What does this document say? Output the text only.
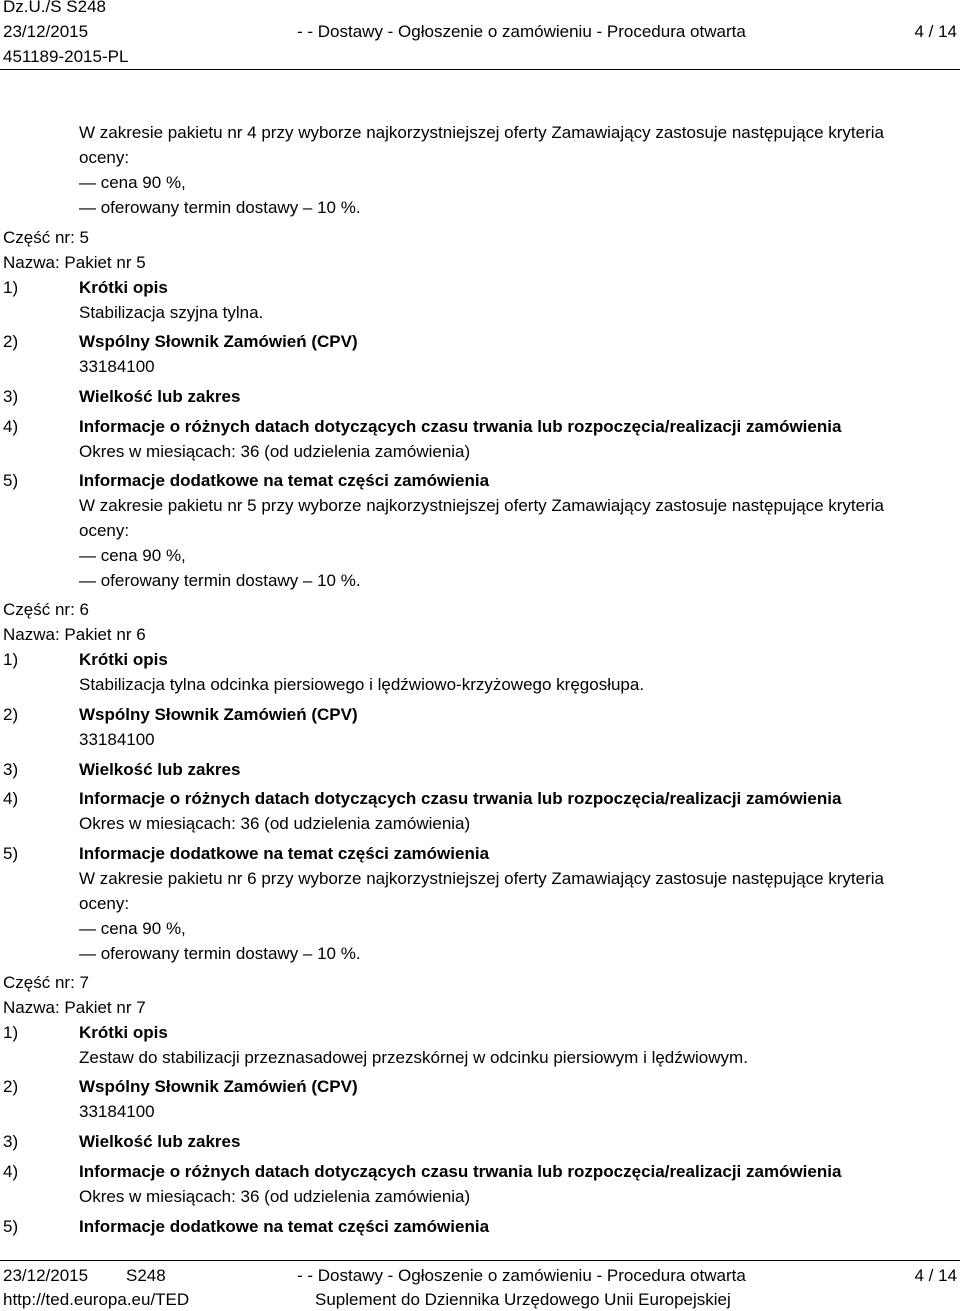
Dz.U./S S248
23/12/2015	- - Dostawy - Ogłoszenie o zamówieniu - Procedura otwarta	4 / 14
451189-2015-PL
W zakresie pakietu nr 4 przy wyborze najkorzystniejszej oferty Zamawiający zastosuje następujące kryteria
oceny:
— cena 90 %,
— oferowany termin dostawy – 10 %.
Część nr: 5
Nazwa: Pakiet nr 5
1)	Krótki opis
Stabilizacja szyjna tylna.
2)	Wspólny Słownik Zamówień (CPV)
33184100
3)	Wielkość lub zakres
4)	Informacje o różnych datach dotyczących czasu trwania lub rozpoczęcia/realizacji zamówienia
Okres w miesiącach: 36 (od udzielenia zamówienia)
5)	Informacje dodatkowe na temat części zamówienia
W zakresie pakietu nr 5 przy wyborze najkorzystniejszej oferty Zamawiający zastosuje następujące kryteria
oceny:
— cena 90 %,
— oferowany termin dostawy – 10 %.
Część nr: 6
Nazwa: Pakiet nr 6
1)	Krótki opis
Stabilizacja tylna odcinka piersiowego i lędźwiowo-krzyżowego kręgosłupa.
2)	Wspólny Słownik Zamówień (CPV)
33184100
3)	Wielkość lub zakres
4)	Informacje o różnych datach dotyczących czasu trwania lub rozpoczęcia/realizacji zamówienia
Okres w miesiącach: 36 (od udzielenia zamówienia)
5)	Informacje dodatkowe na temat części zamówienia
W zakresie pakietu nr 6 przy wyborze najkorzystniejszej oferty Zamawiający zastosuje następujące kryteria
oceny:
— cena 90 %,
— oferowany termin dostawy – 10 %.
Część nr: 7
Nazwa: Pakiet nr 7
1)	Krótki opis
Zestaw do stabilizacji przeznasadowej przezskórnej w odcinku piersiowym i lędźwiowym.
2)	Wspólny Słownik Zamówień (CPV)
33184100
3)	Wielkość lub zakres
4)	Informacje o różnych datach dotyczących czasu trwania lub rozpoczęcia/realizacji zamówienia
Okres w miesiącach: 36 (od udzielenia zamówienia)
5)	Informacje dodatkowe na temat części zamówienia
23/12/2015 S248	- - Dostawy - Ogłoszenie o zamówieniu - Procedura otwarta	4 / 14
http://ted.europa.eu/TED	Suplement do Dziennika Urzędowego Unii Europejskiej
